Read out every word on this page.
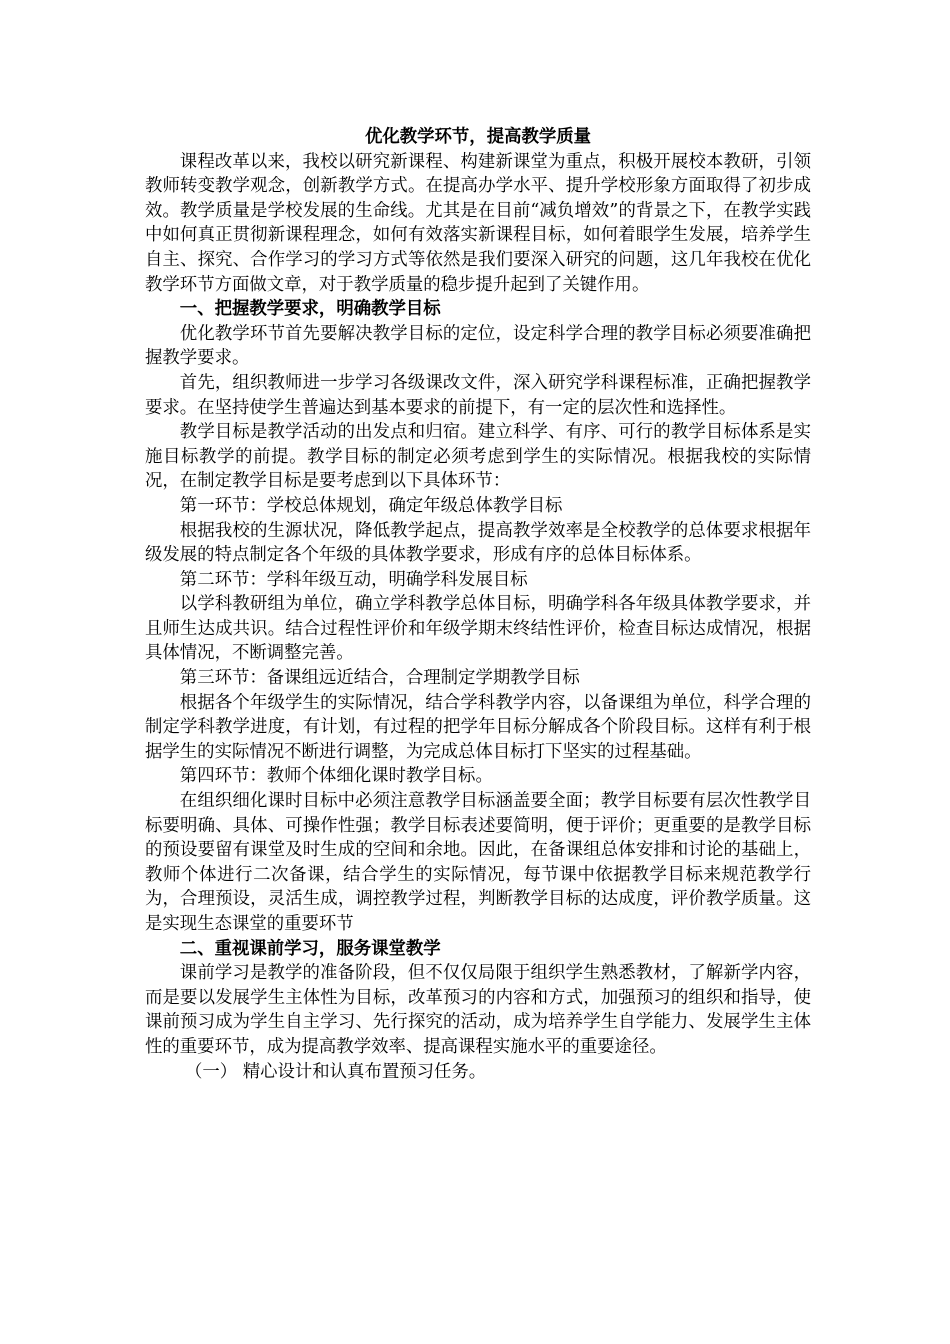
优化教学环节，提高教学质量

课程改革以来，我校以研究新课程、构建新课堂为重点，积极开展校本教研，引领教师转变教学观念，创新教学方式。在提高办学水平、提升学校形象方面取得了初步成效。教学质量是学校发展的生命线。尤其是在目前“减负增效”的背景之下，在教学实践中如何真正贯彻新课程理念，如何有效落实新课程目标，如何着眼学生发展，培养学生自主、探究、合作学习的学习方式等依然是我们要深入研究的问题，这几年我校在优化教学环节方面做文章，对于教学质量的稳步提升起到了关键作用。

一、把握教学要求，明确教学目标

优化教学环节首先要解决教学目标的定位，设定科学合理的教学目标必须要准确把握教学要求。

首先，组织教师进一步学习各级课改文件，深入研究学科课程标准，正确把握教学要求。在坚持使学生普遍达到基本要求的前提下，有一定的层次性和选择性。

教学目标是教学活动的出发点和归宿。建立科学、有序、可行的教学目标体系是实施目标教学的前提。教学目标的制定必须考虑到学生的实际情况。根据我校的实际情况，在制定教学目标是要考虑到以下具体环节：

第一环节：学校总体规划，确定年级总体教学目标

根据我校的生源状况，降低教学起点，提高教学效率是全校教学的总体要求根据年级发展的特点制定各个年级的具体教学要求，形成有序的总体目标体系。

第二环节：学科年级互动，明确学科发展目标

以学科教研组为单位，确立学科教学总体目标，明确学科各年级具体教学要求，并且师生达成共识。结合过程性评价和年级学期末终结性评价，检查目标达成情况，根据具体情况，不断调整完善。

第三环节：备课组远近结合，合理制定学期教学目标

根据各个年级学生的实际情况，结合学科教学内容，以备课组为单位，科学合理的制定学科教学进度，有计划，有过程的把学年目标分解成各个阶段目标。这样有利于根据学生的实际情况不断进行调整，为完成总体目标打下坚实的过程基础。

第四环节：教师个体细化课时教学目标。

在组织细化课时目标中必须注意教学目标涵盖要全面；教学目标要有层次性教学目标要明确、具体、可操作性强；教学目标表述要简明，便于评价；更重要的是教学目标的预设要留有课堂及时生成的空间和余地。因此，在备课组总体安排和讨论的基础上，教师个体进行二次备课，结合学生的实际情况，每节课中依据教学目标来规范教学行为，合理预设，灵活生成，调控教学过程，判断教学目标的达成度，评价教学质量。这是实现生态课堂的重要环节

二、重视课前学习，服务课堂教学

课前学习是教学的准备阶段，但不仅仅局限于组织学生熟悉教材，了解新学内容，而是要以发展学生主体性为目标，改革预习的内容和方式，加强预习的组织和指导，使课前预习成为学生自主学习、先行探究的活动，成为培养学生自学能力、发展学生主体性的重要环节，成为提高教学效率、提高课程实施水平的重要途径。

（一） 精心设计和认真布置预习任务。
